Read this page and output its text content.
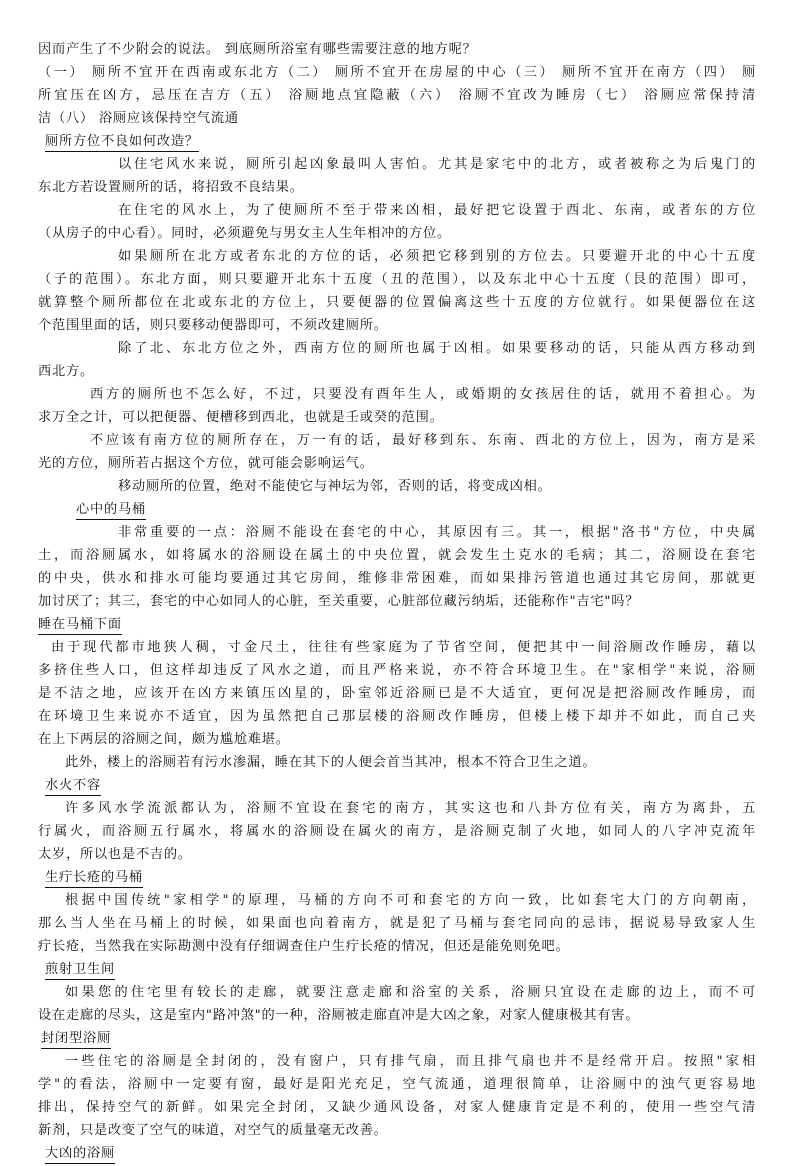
因而产生了不少附会的说法。 到底厕所浴室有哪些需要注意的地方呢？
（一） 厕所不宜开在西南或东北方（二） 厕所不宜开在房屋的中心（三） 厕所不宜开在南方（四） 厕
所宜压在凶方，忌压在吉方（五） 浴厕地点宜隐蔽（六） 浴厕不宜改为睡房（七） 浴厕应常保持清
洁（八） 浴厕应该保持空气流通
厕所方位不良如何改造？
以住宅风水来说，厕所引起凶象最叫人害怕。尤其是家宅中的北方，或者被称之为后鬼门的
东北方若设置厕所的话，将招致不良结果。
在住宅的风水上，为了使厕所不至于带来凶相，最好把它设置于西北、东南，或者东的方位
（从房子的中心看）。同时，必须避免与男女主人生年相冲的方位。
如果厕所在北方或者东北的方位的话，必须把它移到别的方位去。只要避开北的中心十五度
（子的范围）。东北方面，则只要避开北东十五度（丑的范围），以及东北中心十五度（艮的范围）即可，
就算整个厕所都位在北或东北的方位上，只要便器的位置偏离这些十五度的方位就行。如果便器位在这
个范围里面的话，则只要移动便器即可，不须改建厕所。
除了北、东北方位之外，西南方位的厕所也属于凶相。如果要移动的话，只能从西方移动到
西北方。
西方的厕所也不怎么好，不过，只要没有酉年生人，或婚期的女孩居住的话，就用不着担心。为
求万全之计，可以把便器、便槽移到西北，也就是壬或癸的范围。
不应该有南方位的厕所存在，万一有的话，最好移到东、东南、西北的方位上，因为，南方是采
光的方位，厕所若占据这个方位，就可能会影响运气。
移动厕所的位置，绝对不能使它与神坛为邻，否则的话，将变成凶相。
心中的马桶
非常重要的一点：浴厕不能设在套宅的中心，其原因有三。其一，根据"洛书"方位，中央属
土，而浴厕属水，如将属水的浴厕设在属土的中央位置，就会发生土克水的毛病；其二，浴厕设在套宅
的中央，供水和排水可能均要通过其它房间，维修非常困难，而如果排污管道也通过其它房间，那就更
加讨厌了；其三，套宅的中心如同人的心脏，至关重要，心脏部位藏污纳垢，还能称作"吉宅"吗？
睡在马桶下面
由于现代都市地狭人稠，寸金尺土，往往有些家庭为了节省空间，便把其中一间浴厕改作睡房，藉以
多挤住些人口，但这样却违反了风水之道，而且严格来说，亦不符合环境卫生。在"家相学"来说，浴厕
是不洁之地，应该开在凶方来镇压凶星的，卧室邻近浴厕已是不大适宜，更何况是把浴厕改作睡房，而
在环境卫生来说亦不适宜，因为虽然把自己那层楼的浴厕改作睡房，但楼上楼下却并不如此，而自己夹
在上下两层的浴厕之间，颇为尴尬难堪。
此外，楼上的浴厕若有污水渗漏，睡在其下的人便会首当其冲，根本不符合卫生之道。
水火不容
许多风水学流派都认为，浴厕不宜设在套宅的南方，其实这也和八卦方位有关，南方为离卦，五
行属火，而浴厕五行属水，将属水的浴厕设在属火的南方，是浴厕克制了火地，如同人的八字冲克流年
太岁，所以也是不吉的。
生疔长疮的马桶
根据中国传统"家相学"的原理，马桶的方向不可和套宅的方向一致，比如套宅大门的方向朝南，
那么当人坐在马桶上的时候，如果面也向着南方，就是犯了马桶与套宅同向的忌讳，据说易导致家人生
疔长疮，当然我在实际勘测中没有仔细调查住户生疔长疮的情况，但还是能免则免吧。
煎射卫生间
如果您的住宅里有较长的走廊，就要注意走廊和浴室的关系，浴厕只宜设在走廊的边上，而不可
设在走廊的尽头，这是室内"路冲煞"的一种，浴厕被走廊直冲是大凶之象，对家人健康极其有害。
封闭型浴厕
一些住宅的浴厕是全封闭的，没有窗户，只有排气扇，而且排气扇也并不是经常开启。按照"家相
学"的看法，浴厕中一定要有窗，最好是阳光充足，空气流通，道理很简单，让浴厕中的浊气更容易地
排出，保持空气的新鲜。如果完全封闭，又缺少通风设备，对家人健康肯定是不利的，使用一些空气清
新剂，只是改变了空气的味道，对空气的质量毫无改善。
大凶的浴厕
